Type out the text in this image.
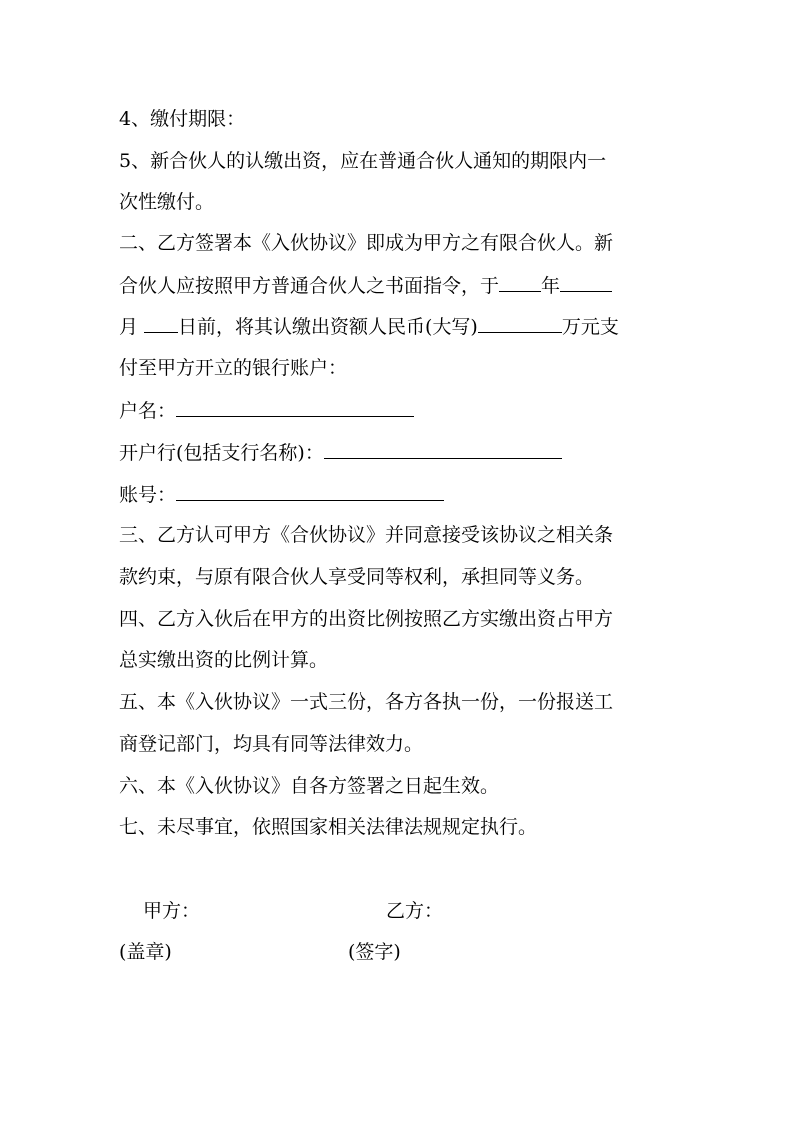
4、缴付期限：
5、新合伙人的认缴出资，应在普通合伙人通知的期限内一
次性缴付。
二、乙方签署本《入伙协议》即成为甲方之有限合伙人。新
合伙人应按照甲方普通合伙人之书面指令，于 年
月 日前，将其认缴出资额人民币(大写)	万元支
付至甲方开立的银行账户：
户名：
开户行(包括支行名称)：
账号：
三、乙方认可甲方《合伙协议》并同意接受该协议之相关条
款约束，与原有限合伙人享受同等权利，承担同等义务。
四、乙方入伙后在甲方的出资比例按照乙方实缴出资占甲方
总实缴出资的比例计算。
五、本《入伙协议》一式三份，各方各执一份，一份报送工
商登记部门，均具有同等法律效力。
六、本《入伙协议》自各方签署之日起生效。
七、未尽事宜，依照国家相关法律法规规定执行。
甲方：	乙方：
(盖章)	(签字)
